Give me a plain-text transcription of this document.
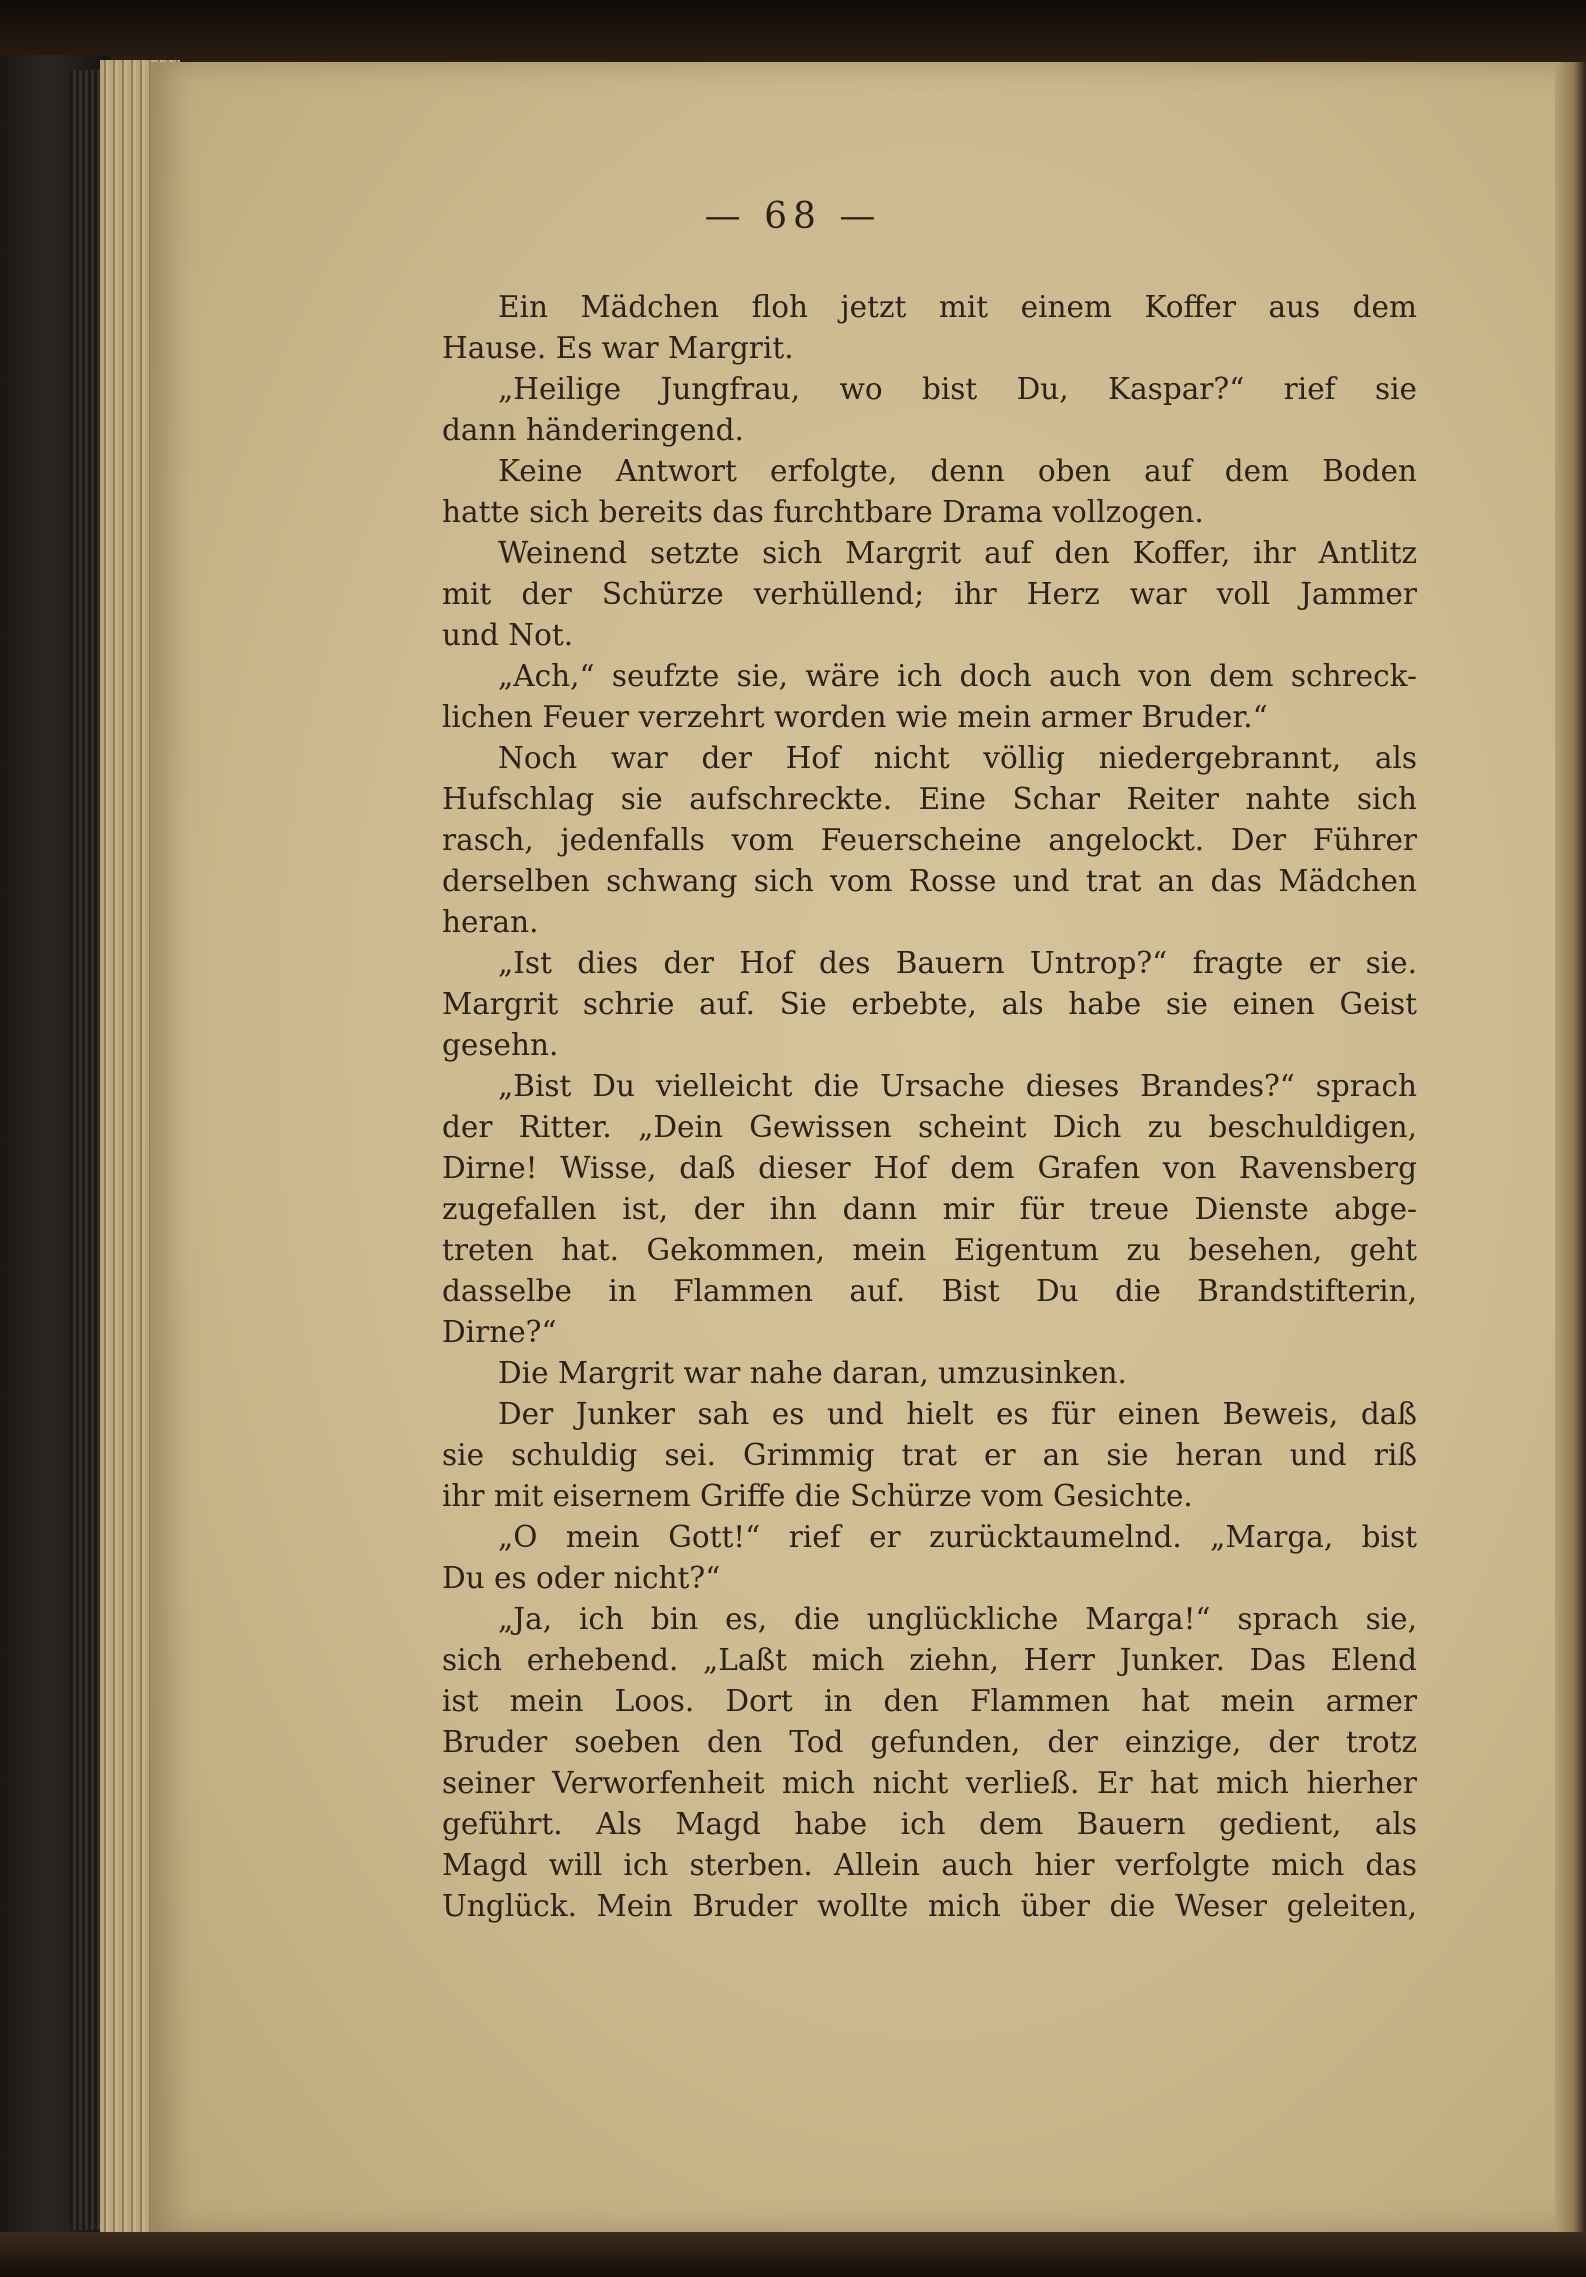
— 68 —
Ein Mädchen floh jetzt mit einem Koffer aus dem
Hause. Es war Margrit.
„Heilige Jungfrau, wo bist Du, Kaspar?“ rief sie
dann händeringend.
Keine Antwort erfolgte, denn oben auf dem Boden
hatte sich bereits das furchtbare Drama vollzogen.
Weinend setzte sich Margrit auf den Koffer, ihr Antlitz
mit der Schürze verhüllend; ihr Herz war voll Jammer
und Not.
„Ach,“ seufzte sie, wäre ich doch auch von dem schreck-
lichen Feuer verzehrt worden wie mein armer Bruder.“
Noch war der Hof nicht völlig niedergebrannt, als
Hufschlag sie aufschreckte. Eine Schar Reiter nahte sich
rasch, jedenfalls vom Feuerscheine angelockt. Der Führer
derselben schwang sich vom Rosse und trat an das Mädchen
heran.
„Ist dies der Hof des Bauern Untrop?“ fragte er sie.
Margrit schrie auf. Sie erbebte, als habe sie einen Geist
gesehn.
„Bist Du vielleicht die Ursache dieses Brandes?“ sprach
der Ritter. „Dein Gewissen scheint Dich zu beschuldigen,
Dirne! Wisse, daß dieser Hof dem Grafen von Ravensberg
zugefallen ist, der ihn dann mir für treue Dienste abge-
treten hat. Gekommen, mein Eigentum zu besehen, geht
dasselbe in Flammen auf. Bist Du die Brandstifterin,
Dirne?“
Die Margrit war nahe daran, umzusinken.
Der Junker sah es und hielt es für einen Beweis, daß
sie schuldig sei. Grimmig trat er an sie heran und riß
ihr mit eisernem Griffe die Schürze vom Gesichte.
„O mein Gott!“ rief er zurücktaumelnd. „Marga, bist
Du es oder nicht?“
„Ja, ich bin es, die unglückliche Marga!“ sprach sie,
sich erhebend. „Laßt mich ziehn, Herr Junker. Das Elend
ist mein Loos. Dort in den Flammen hat mein armer
Bruder soeben den Tod gefunden, der einzige, der trotz
seiner Verworfenheit mich nicht verließ. Er hat mich hierher
geführt. Als Magd habe ich dem Bauern gedient, als
Magd will ich sterben. Allein auch hier verfolgte mich das
Unglück. Mein Bruder wollte mich über die Weser geleiten,
